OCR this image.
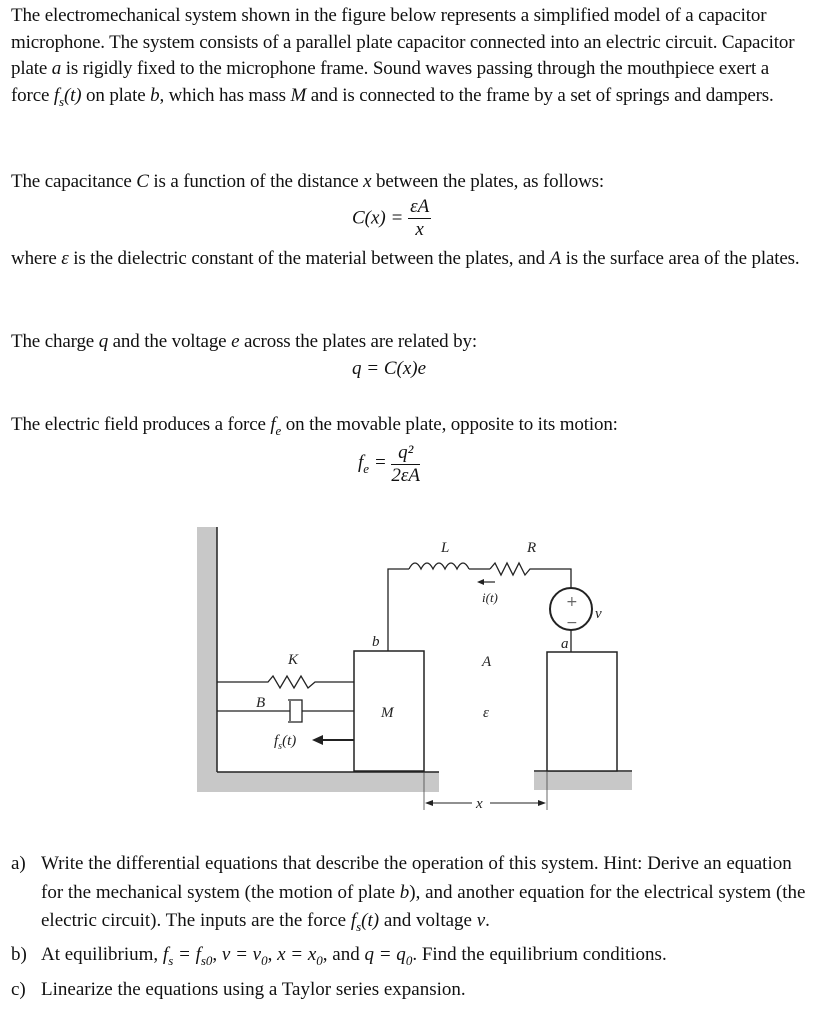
The electromechanical system shown in the figure below represents a simplified model of a capacitor microphone. The system consists of a parallel plate capacitor connected into an electric circuit. Capacitor plate a is rigidly fixed to the microphone frame. Sound waves passing through the mouthpiece exert a force $f_s(t)$ on plate b, which has mass M and is connected to the frame by a set of springs and dampers.
The capacitance C is a function of the distance x between the plates, as follows:
$C(x) = \frac{\varepsilon A}{x}$
where ε is the dielectric constant of the material between the plates, and A is the surface area of the plates.
The charge q and the voltage e across the plates are related by:
q = C(x)e
The electric field produces a force $f_e$ on the movable plate, opposite to its motion:
$f_e = \frac{\text{q²}}{2\varepsilon A}$
L	R
i(t)	+
−
v
b	a
K
B
M
A
ε
$f_s(t)$
x
a) Write the differential equations that describe the operation of this system. Hint: Derive an equation for the mechanical system (the motion of plate b), and another equation for the electrical system (the electric circuit). The inputs are the force $f_s(t)$ and voltage v.
b) At equilibrium, $f_s = f_{s0}$, $v = v_0$, $x = x_0$, and $q = q_0$. Find the equilibrium conditions.
c) Linearize the equations using a Taylor series expansion.
